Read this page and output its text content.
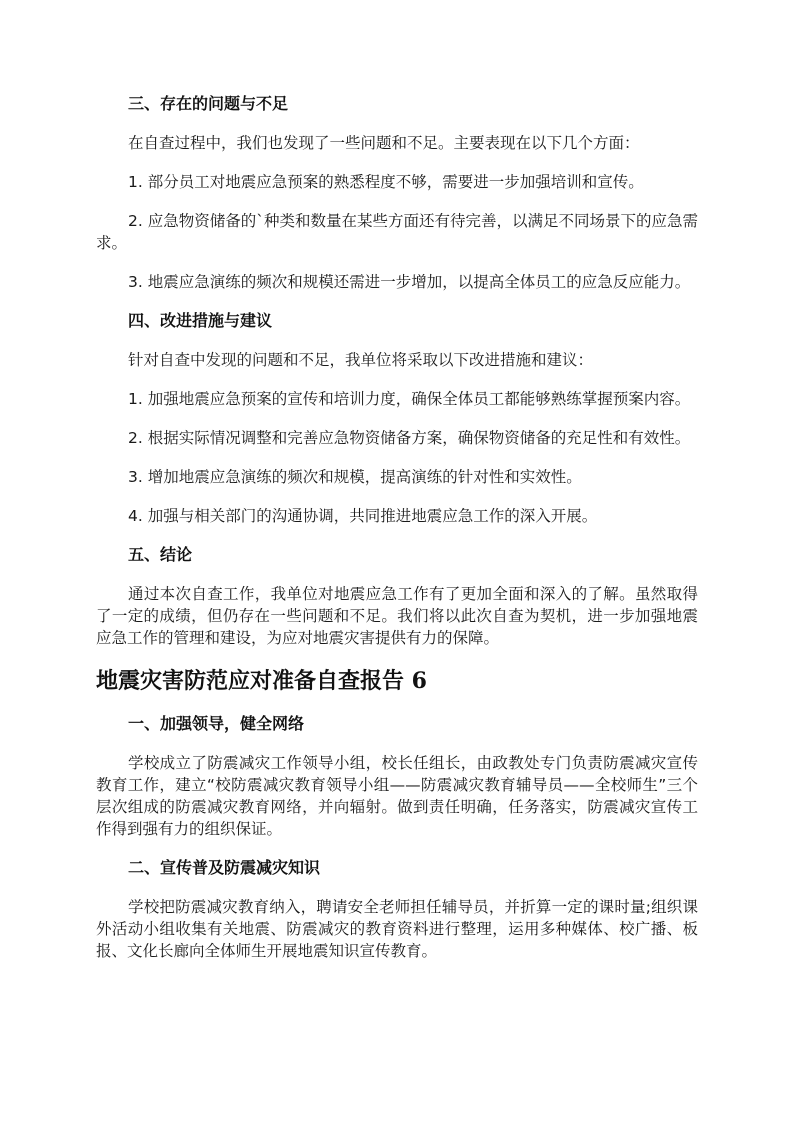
三、存在的问题与不足

在自查过程中，我们也发现了一些问题和不足。主要表现在以下几个方面：

1. 部分员工对地震应急预案的熟悉程度不够，需要进一步加强培训和宣传。

2. 应急物资储备的`种类和数量在某些方面还有待完善，以满足不同场景下的应急需求。

3. 地震应急演练的频次和规模还需进一步增加，以提高全体员工的应急反应能力。

四、改进措施与建议

针对自查中发现的问题和不足，我单位将采取以下改进措施和建议：

1. 加强地震应急预案的宣传和培训力度，确保全体员工都能够熟练掌握预案内容。

2. 根据实际情况调整和完善应急物资储备方案，确保物资储备的充足性和有效性。

3. 增加地震应急演练的频次和规模，提高演练的针对性和实效性。

4. 加强与相关部门的沟通协调，共同推进地震应急工作的深入开展。

五、结论

通过本次自查工作，我单位对地震应急工作有了更加全面和深入的了解。虽然取得了一定的成绩，但仍存在一些问题和不足。我们将以此次自查为契机，进一步加强地震应急工作的管理和建设，为应对地震灾害提供有力的保障。

地震灾害防范应对准备自查报告 6

一、加强领导，健全网络

学校成立了防震减灾工作领导小组，校长任组长，由政教处专门负责防震减灾宣传教育工作，建立“校防震减灾教育领导小组——防震减灾教育辅导员——全校师生”三个层次组成的防震减灾教育网络，并向辐射。做到责任明确，任务落实，防震减灾宣传工作得到强有力的组织保证。

二、宣传普及防震减灾知识

学校把防震减灾教育纳入，聘请安全老师担任辅导员，并折算一定的课时量;组织课外活动小组收集有关地震、防震减灾的教育资料进行整理，运用多种媒体、校广播、板报、文化长廊向全体师生开展地震知识宣传教育。
